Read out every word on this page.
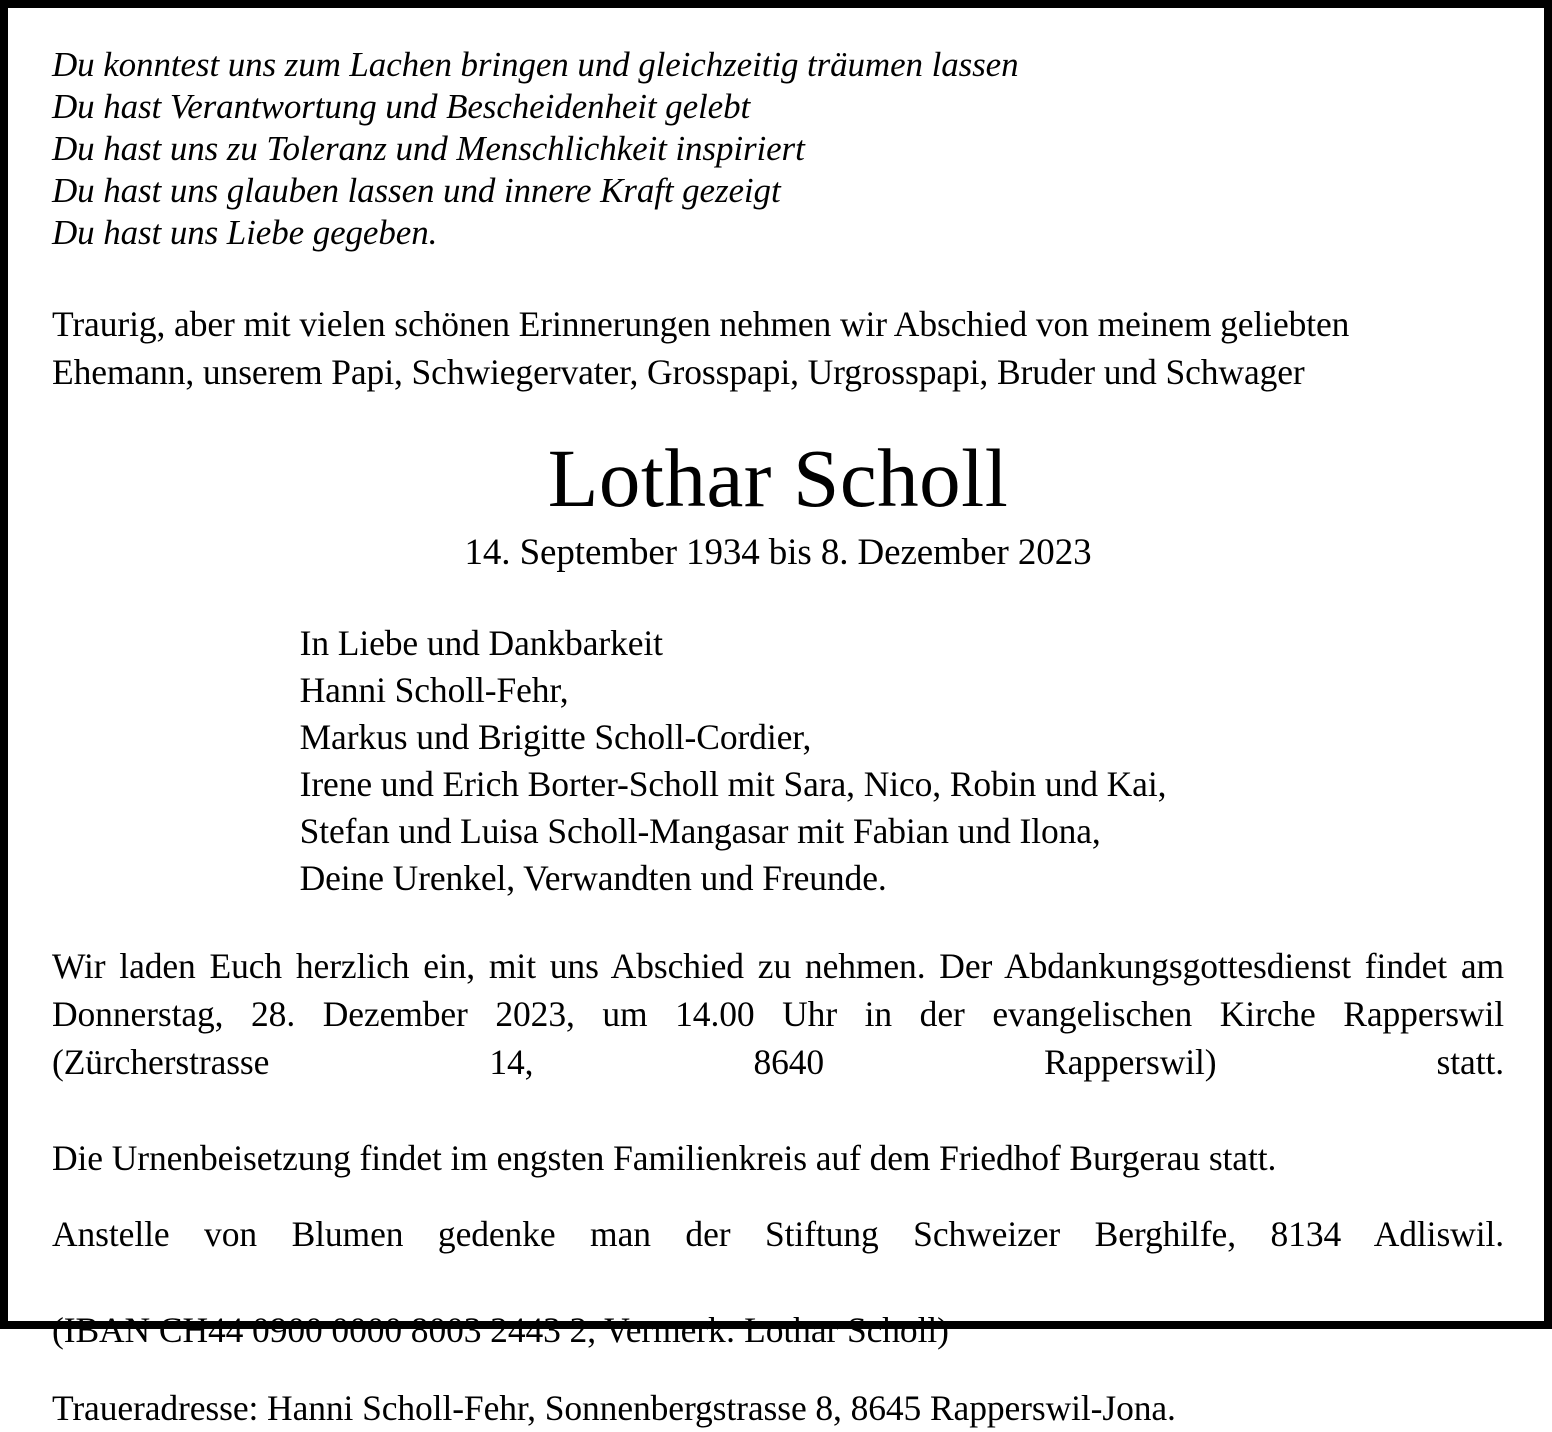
Du konntest uns zum Lachen bringen und gleichzeitig träumen lassen
Du hast Verantwortung und Bescheidenheit gelebt
Du hast uns zu Toleranz und Menschlichkeit inspiriert
Du hast uns glauben lassen und innere Kraft gezeigt
Du hast uns Liebe gegeben.
Traurig, aber mit vielen schönen Erinnerungen nehmen wir Abschied von meinem geliebten
Ehemann, unserem Papi, Schwiegervater, Grosspapi, Urgrosspapi, Bruder und Schwager
Lothar Scholl
14. September 1934 bis 8. Dezember 2023
In Liebe und Dankbarkeit
Hanni Scholl-Fehr,
Markus und Brigitte Scholl-Cordier,
Irene und Erich Borter-Scholl mit Sara, Nico, Robin und Kai,
Stefan und Luisa Scholl-Mangasar mit Fabian und Ilona,
Deine Urenkel, Verwandten und Freunde.
Wir laden Euch herzlich ein, mit uns Abschied zu nehmen. Der Abdankungsgottesdienst findet am Donnerstag, 28. Dezember 2023, um 14.00 Uhr in der evangelischen Kirche Rapperswil (Zürcherstrasse 14, 8640 Rapperswil) statt.
Die Urnenbeisetzung findet im engsten Familienkreis auf dem Friedhof Burgerau statt.
Anstelle von Blumen gedenke man der Stiftung Schweizer Berghilfe, 8134 Adliswil.
(IBAN CH44 0900 0000 8003 2443 2, Vermerk: Lothar Scholl)
Traueradresse: Hanni Scholl-Fehr, Sonnenbergstrasse 8, 8645 Rapperswil-Jona.
